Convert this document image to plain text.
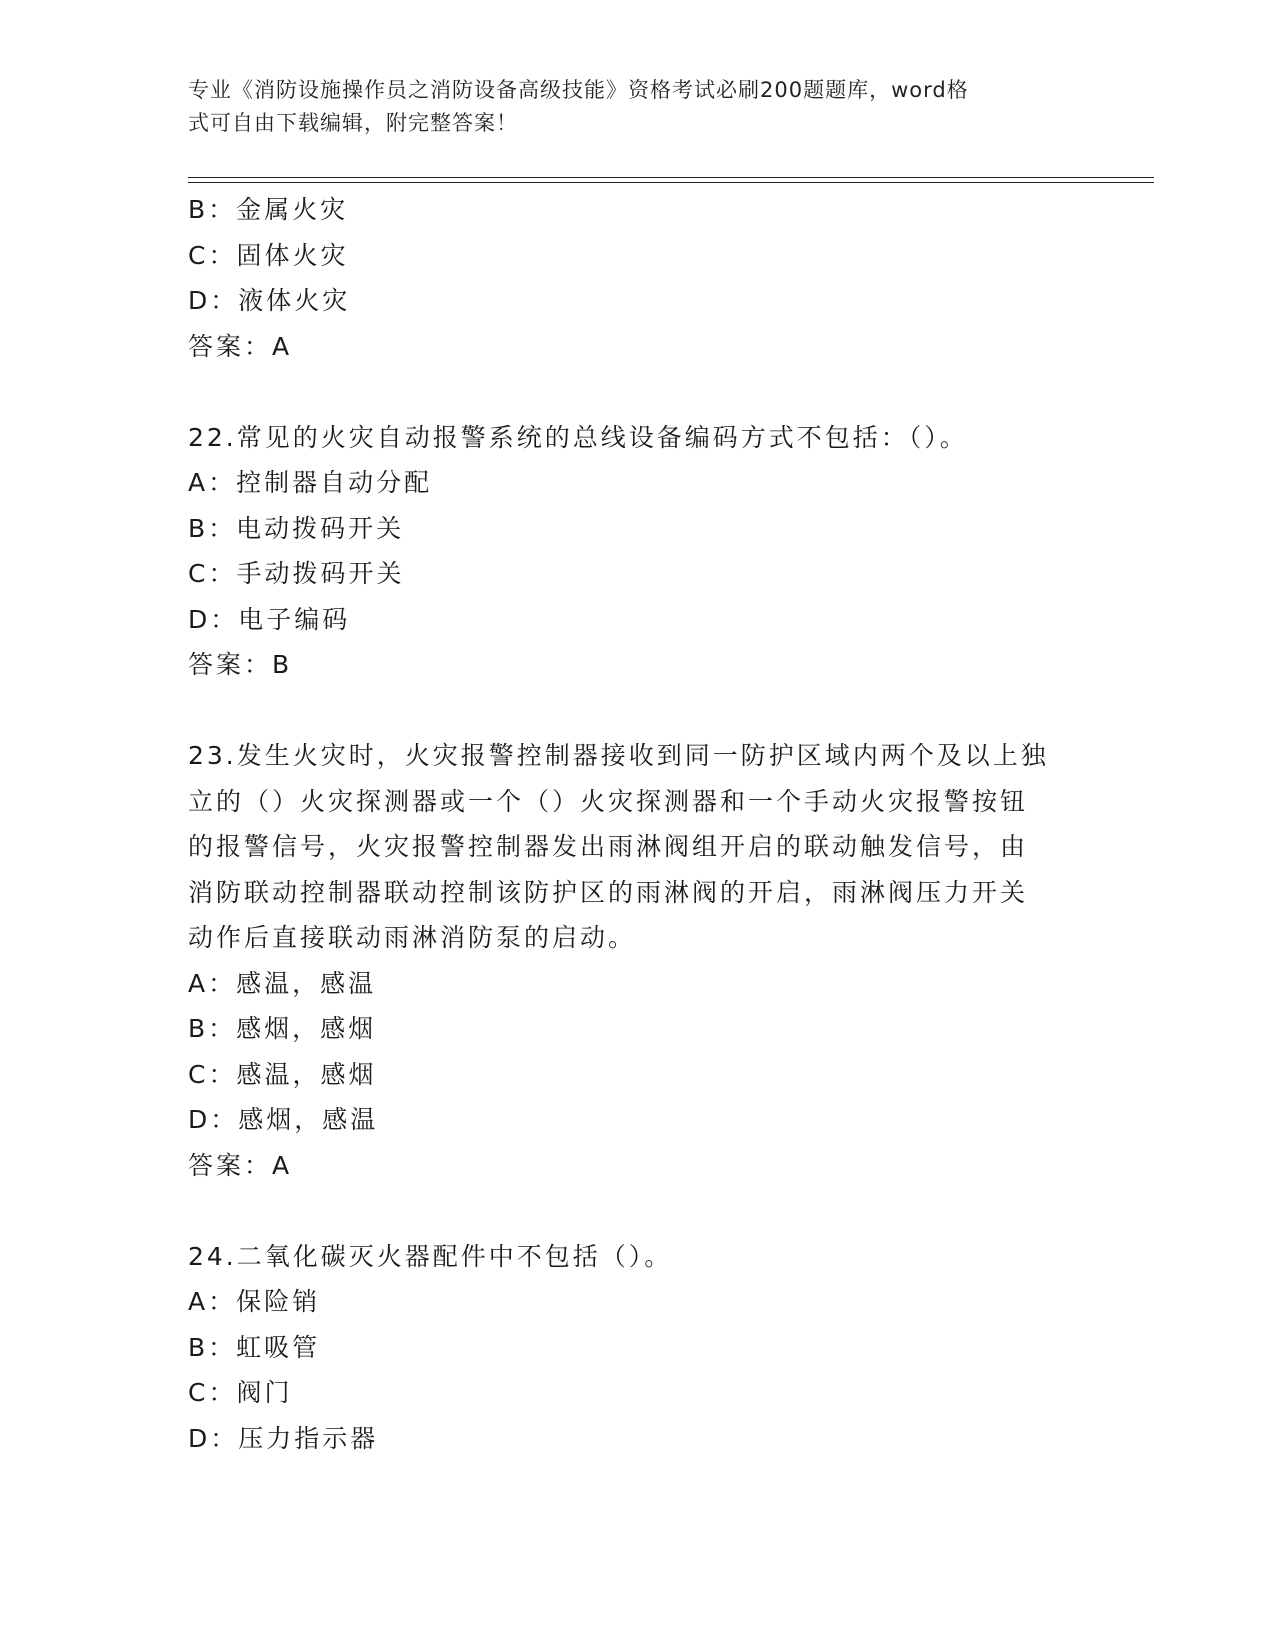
专业《消防设施操作员之消防设备高级技能》资格考试必刷200题题库，word格
式可自由下载编辑，附完整答案！
B：金属火灾
C：固体火灾
D：液体火灾
答案：A
22.常见的火灾自动报警系统的总线设备编码方式不包括：（）。
A：控制器自动分配
B：电动拨码开关
C：手动拨码开关
D：电子编码
答案：B
23.发生火灾时，火灾报警控制器接收到同一防护区域内两个及以上独
立的（）火灾探测器或一个（）火灾探测器和一个手动火灾报警按钮
的报警信号，火灾报警控制器发出雨淋阀组开启的联动触发信号，由
消防联动控制器联动控制该防护区的雨淋阀的开启，雨淋阀压力开关
动作后直接联动雨淋消防泵的启动。
A：感温，感温
B：感烟，感烟
C：感温，感烟
D：感烟，感温
答案：A
24.二氧化碳灭火器配件中不包括（）。
A：保险销
B：虹吸管
C：阀门
D：压力指示器
